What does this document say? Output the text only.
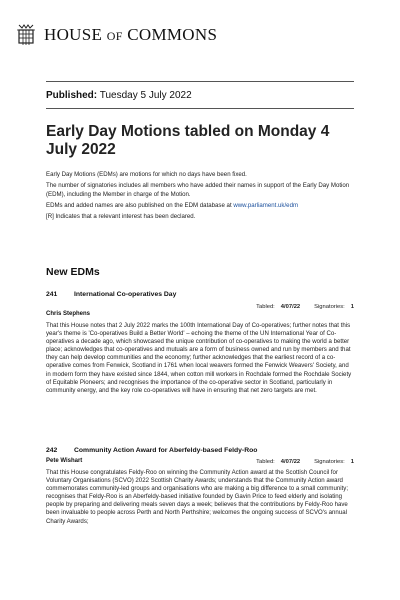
HOUSE OF COMMONS
Published: Tuesday 5 July 2022
Early Day Motions tabled on Monday 4 July 2022

Early Day Motions (EDMs) are motions for which no days have been fixed.

The number of signatories includes all members who have added their names in support of the Early Day Motion (EDM), including the Member in charge of the Motion.

EDMs and added names are also published on the EDM database at www.parliament.uk/edm

[R] Indicates that a relevant interest has been declared.

New EDMs
241	International Co-operatives Day
Tabled: 4/07/22 Signatories: 1
Chris Stephens

That this House notes that 2 July 2022 marks the 100th International Day of Co-operatives; further notes that this year's theme is 'Co-operatives Build a Better World' – echoing the theme of the UN International Year of Co-operatives a decade ago, which showcased the unique contribution of co-operatives to making the world a better place; acknowledges that co-operatives and mutuals are a form of business owned and run by members and that they can help develop communities and the economy; further acknowledges that the earliest record of a co-operative comes from Fenwick, Scotland in 1761 when local weavers formed the Fenwick Weavers' Society, and in modern form they have existed since 1844, when cotton mill workers in Rochdale formed the Rochdale Society of Equitable Pioneers; and recognises the importance of the co-operative sector in Scotland, particularly in community energy, and the key role co-operatives will have in ensuring that net zero targets are met.

242	Community Action Award for Aberfeldy-based Feldy-Roo
Tabled: 4/07/22 Signatories: 1
Pete Wishart

That this House congratulates Feldy-Roo on winning the Community Action award at the Scottish Council for Voluntary Organisations (SCVO) 2022 Scottish Charity Awards; understands that the Community Action award commemorates community-led groups and organisations who are making a big difference to a small community; recognises that Feldy-Roo is an Aberfeldy-based initiative founded by Gavin Price to feed elderly and isolating people by preparing and delivering meals seven days a week; believes that the contributions by Feldy-Roo have been invaluable to people across Perth and North Perthshire; welcomes the ongoing success of SCVO's annual Charity Awards;
